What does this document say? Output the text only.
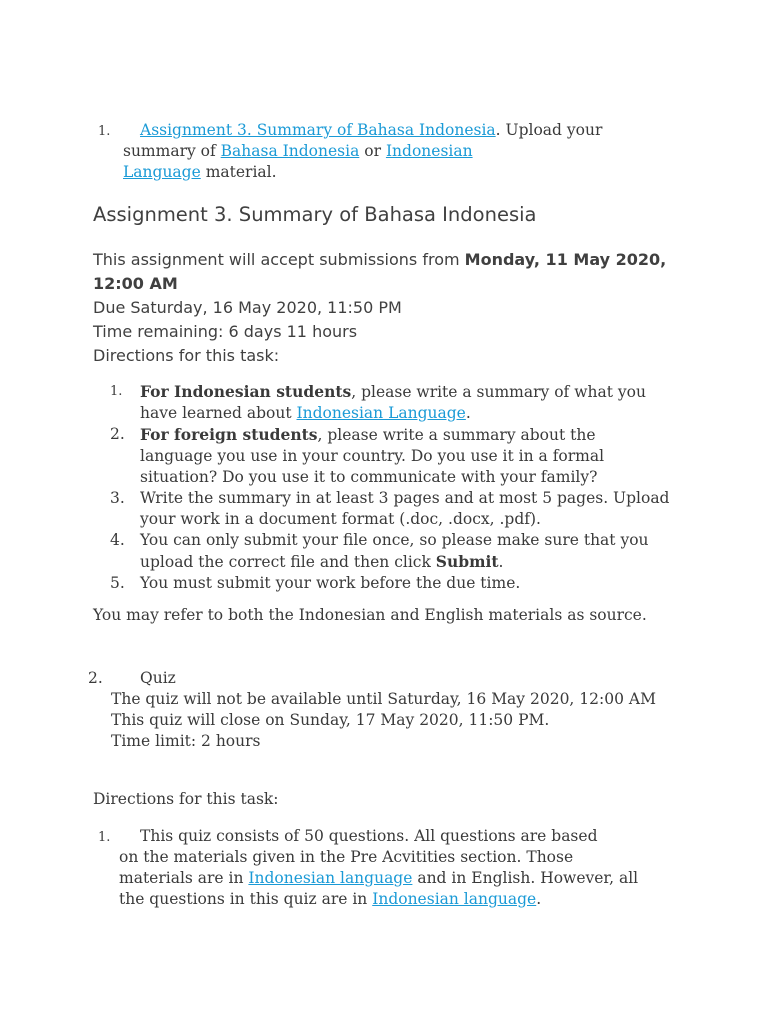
1. Assignment 3. Summary of Bahasa Indonesia. Upload your
summary of Bahasa Indonesia or Indonesian
Language material.
Assignment 3. Summary of Bahasa Indonesia
This assignment will accept submissions from Monday, 11 May 2020, 12:00 AM
Due Saturday, 16 May 2020, 11:50 PM
Time remaining: 6 days 11 hours
Directions for this task:
1.	For Indonesian students, please write a summary of what you have learned about Indonesian Language.
2. For foreign students, please write a summary about the language you use in your country. Do you use it in a formal situation? Do you use it to communicate with your family?
3. Write the summary in at least 3 pages and at most 5 pages. Upload your work in a document format (.doc, .docx, .pdf).
4. You can only submit your file once, so please make sure that you upload the correct file and then click Submit.
5. You must submit your work before the due time.
You may refer to both the Indonesian and English materials as source.
2. Quiz
The quiz will not be available until Saturday, 16 May 2020, 12:00 AM
This quiz will close on Sunday, 17 May 2020, 11:50 PM.
Time limit: 2 hours
Directions for this task:
1. This quiz consists of 50 questions. All questions are based
on the materials given in the Pre Acvitities section. Those materials are in Indonesian language and in English. However, all the questions in this quiz are in Indonesian language.
